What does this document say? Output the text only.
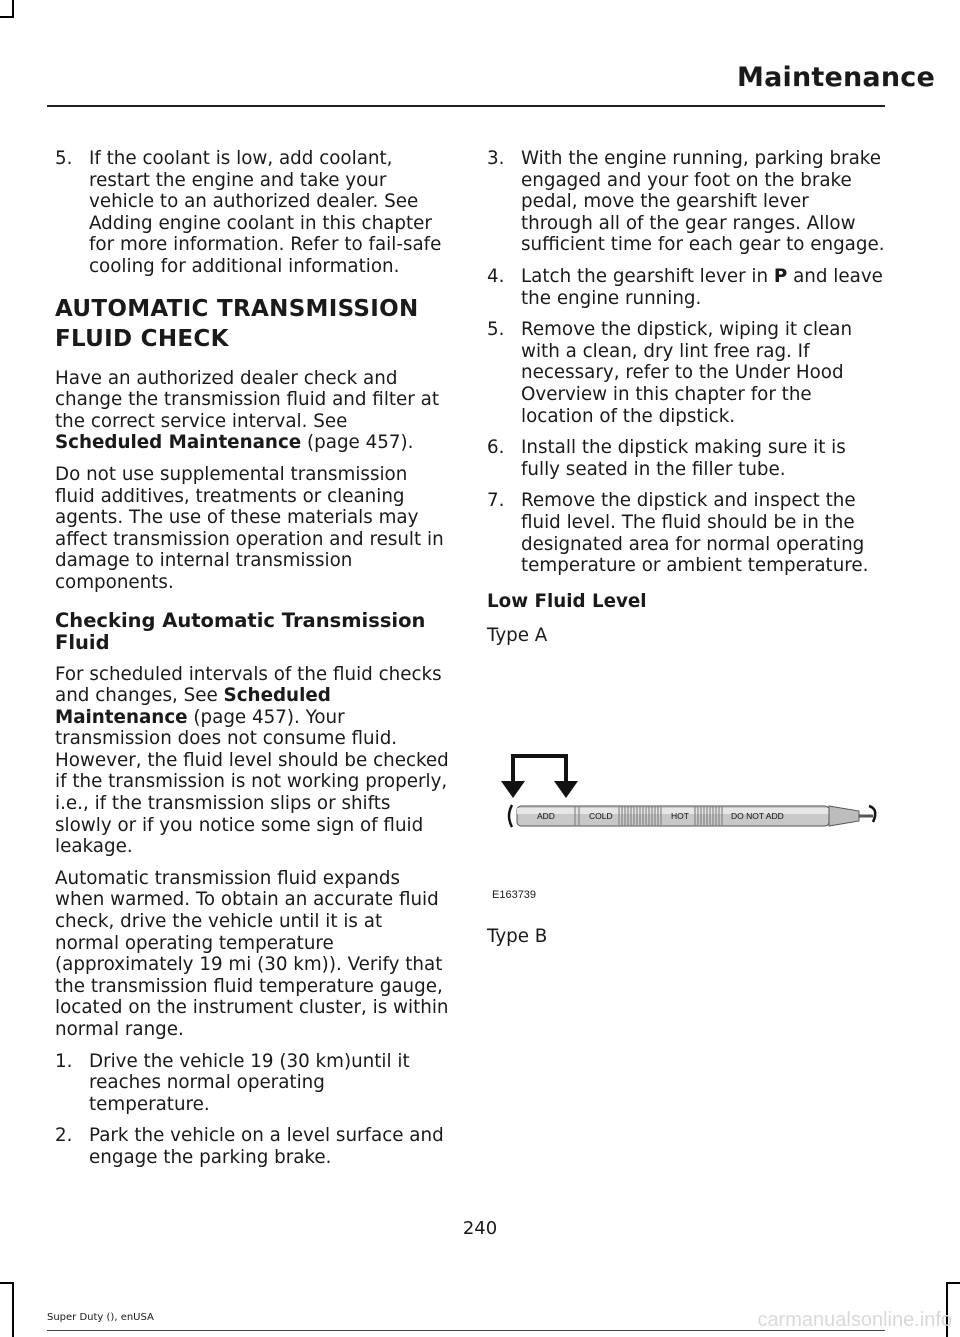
Maintenance
5. If the coolant is low, add coolant, restart the engine and take your vehicle to an authorized dealer. See Adding engine coolant in this chapter for more information. Refer to fail-safe cooling for additional information.
AUTOMATIC TRANSMISSION
FLUID CHECK

Have an authorized dealer check and change the transmission fluid and filter at the correct service interval. See Scheduled Maintenance (page 457).

Do not use supplemental transmission fluid additives, treatments or cleaning agents. The use of these materials may affect transmission operation and result in damage to internal transmission components.

Checking Automatic Transmission Fluid

For scheduled intervals of the fluid checks and changes, See Scheduled Maintenance (page 457). Your transmission does not consume fluid. However, the fluid level should be checked if the transmission is not working properly, i.e., if the transmission slips or shifts slowly or if you notice some sign of fluid leakage.

Automatic transmission fluid expands when warmed. To obtain an accurate fluid check, drive the vehicle until it is at normal operating temperature (approximately 19 mi (30 km)). Verify that the transmission fluid temperature gauge, located on the instrument cluster, is within normal range.

1. Drive the vehicle 19 (30 km)until it reaches normal operating temperature.
2. Park the vehicle on a level surface and engage the parking brake.
3. With the engine running, parking brake engaged and your foot on the brake pedal, move the gearshift lever through all of the gear ranges. Allow sufficient time for each gear to engage.
4. Latch the gearshift lever in P and leave the engine running.
5. Remove the dipstick, wiping it clean with a clean, dry lint free rag. If necessary, refer to the Under Hood Overview in this chapter for the location of the dipstick.
6. Install the dipstick making sure it is fully seated in the filler tube.
7. Remove the dipstick and inspect the fluid level. The fluid should be in the designated area for normal operating temperature or ambient temperature.
Low Fluid Level

Type A

ADD	COLD	HOT	DO NOT ADD
E163739

Type B

240
Super Duty (), enUSA	carmanualsonline.info
